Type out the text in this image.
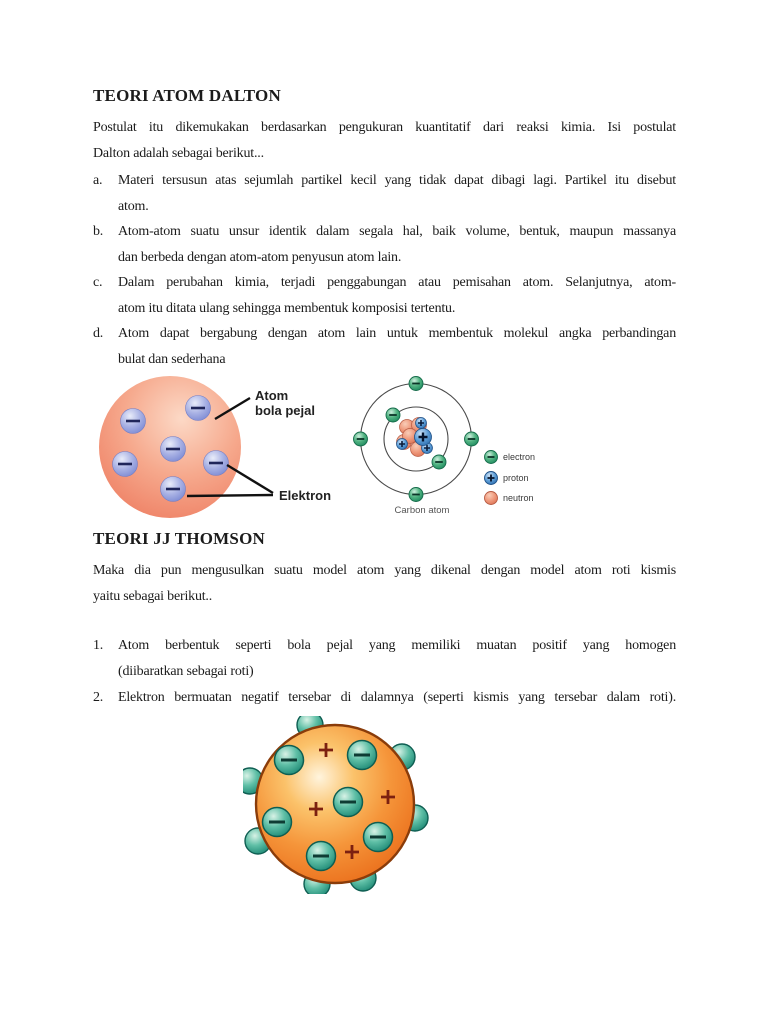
TEORI ATOM DALTON
Postulat itu dikemukakan berdasarkan pengukuran kuantitatif dari reaksi kimia. Isi postulat
Dalton adalah sebagai berikut...
a. Materi tersusun atas sejumlah partikel kecil yang tidak dapat dibagi lagi. Partikel itu disebut
atom.
b. Atom-atom suatu unsur identik dalam segala hal, baik volume, bentuk, maupun massanya
dan berbeda dengan atom-atom penyusun atom lain.
c. Dalam perubahan kimia, terjadi penggabungan atau pemisahan atom. Selanjutnya, atom-
atom itu ditata ulang sehingga membentuk komposisi tertentu.
d. Atom dapat bergabung dengan atom lain untuk membentuk molekul angka perbandingan
bulat dan sederhana
Atom
bola pejal
Elektron
electron
proton
neutron
Carbon atom
TEORI JJ THOMSON
Maka dia pun mengusulkan suatu model atom yang dikenal dengan model atom roti kismis
yaitu sebagai berikut..
1. Atom berbentuk seperti bola pejal yang memiliki muatan positif yang homogen
(diibaratkan sebagai roti)
2. Elektron bermuatan negatif tersebar di dalamnya (seperti kismis yang tersebar dalam roti).
